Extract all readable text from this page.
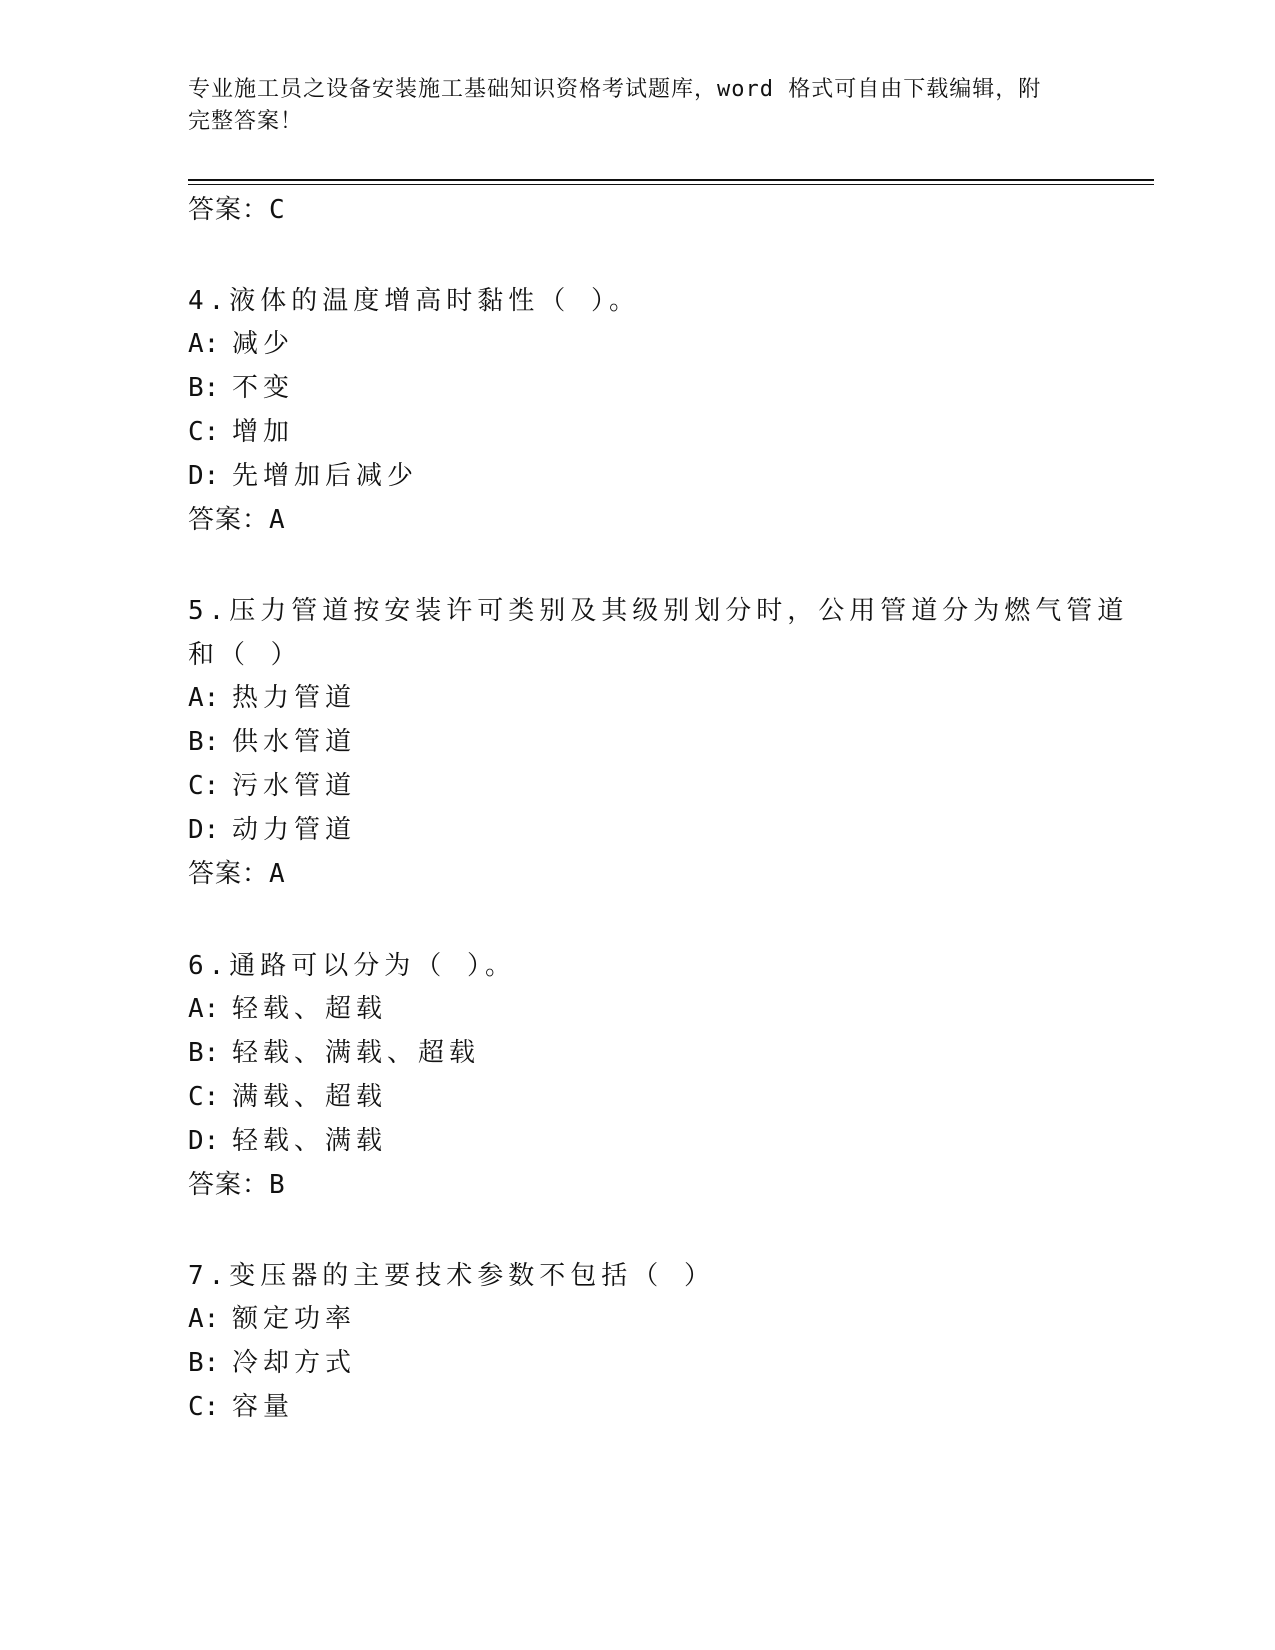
专业施工员之设备安装施工基础知识资格考试题库，word 格式可自由下载编辑，附完整答案！
答案：C
4.液体的温度增高时黏性（ ）。
A: 减少
B: 不变
C: 增加
D: 先增加后减少
答案：A
5.压力管道按安装许可类别及其级别划分时，公用管道分为燃气管道和（ ）
A: 热力管道
B: 供水管道
C: 污水管道
D: 动力管道
答案：A
6.通路可以分为（ ）。
A: 轻载、超载
B: 轻载、满载、超载
C: 满载、超载
D: 轻载、满载
答案：B
7.变压器的主要技术参数不包括（ ）
A: 额定功率
B: 冷却方式
C: 容量
